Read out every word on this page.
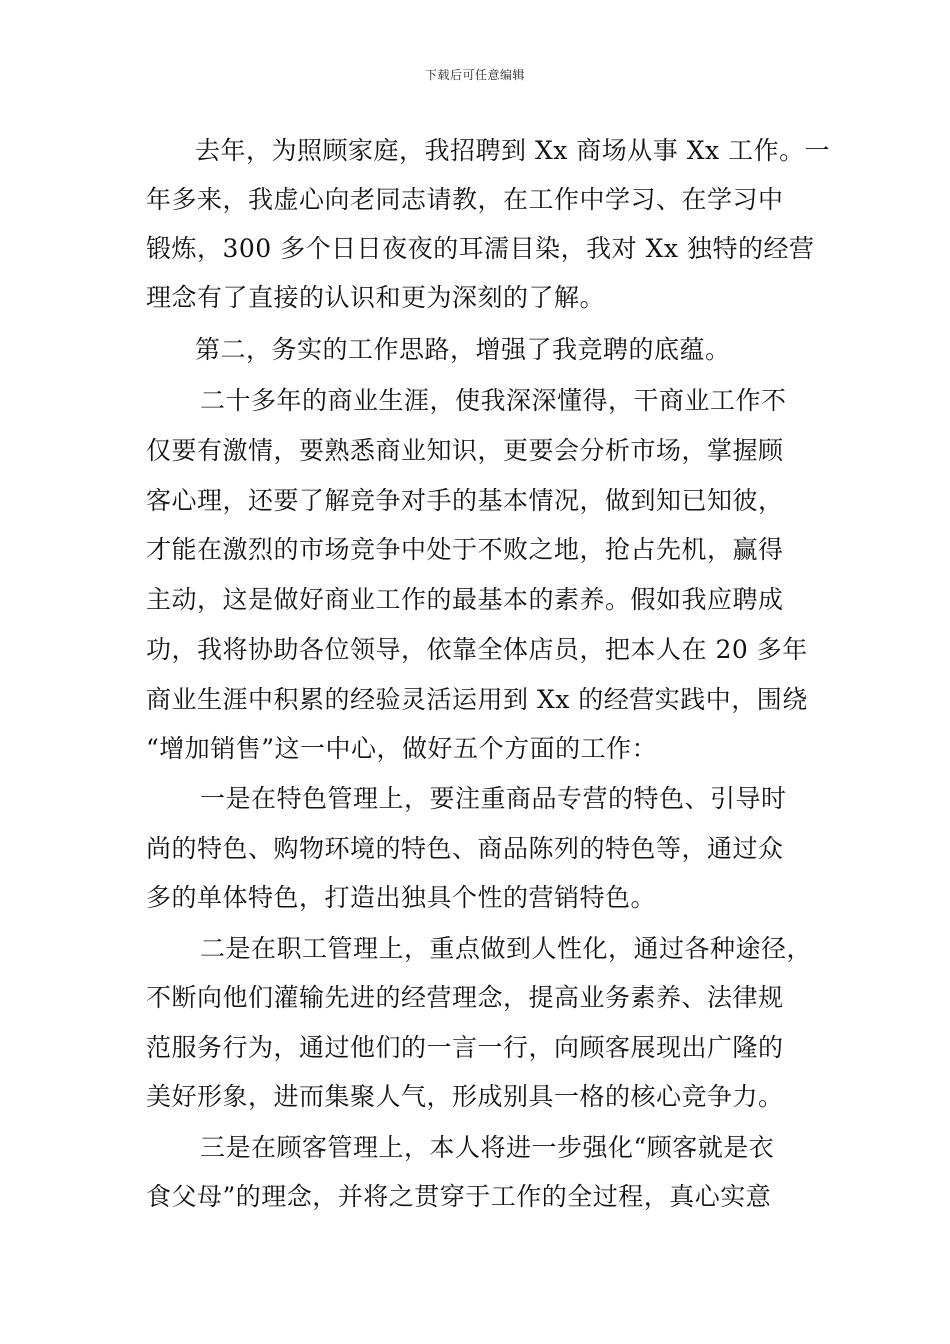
下载后可任意编辑
去年，为照顾家庭，我招聘到 Xx 商场从事 Xx 工作。一
年多来，我虚心向老同志请教，在工作中学习、在学习中
锻炼，300 多个日日夜夜的耳濡目染，我对 Xx 独特的经营
理念有了直接的认识和更为深刻的了解。
第二，务实的工作思路，增强了我竞聘的底蕴。
二十多年的商业生涯，使我深深懂得，干商业工作不
仅要有激情，要熟悉商业知识，更要会分析市场，掌握顾
客心理，还要了解竞争对手的基本情况，做到知已知彼，
才能在激烈的市场竞争中处于不败之地，抢占先机，赢得
主动，这是做好商业工作的最基本的素养。假如我应聘成
功，我将协助各位领导，依靠全体店员，把本人在 20 多年
商业生涯中积累的经验灵活运用到 Xx 的经营实践中，围绕
“增加销售”这一中心，做好五个方面的工作：
一是在特色管理上，要注重商品专营的特色、引导时
尚的特色、购物环境的特色、商品陈列的特色等，通过众
多的单体特色，打造出独具个性的营销特色。
二是在职工管理上，重点做到人性化，通过各种途径，
不断向他们灌输先进的经营理念，提高业务素养、法律规
范服务行为，通过他们的一言一行，向顾客展现出广隆的
美好形象，进而集聚人气，形成别具一格的核心竞争力。
三是在顾客管理上，本人将进一步强化“顾客就是衣
食父母”的理念，并将之贯穿于工作的全过程，真心实意
